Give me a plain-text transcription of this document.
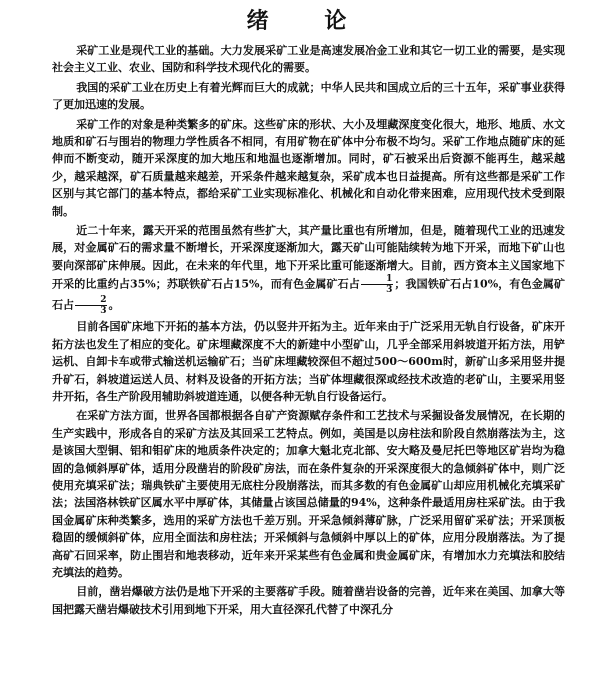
绪 论

采矿工业是现代工业的基础。大力发展采矿工业是高速发展冶金工业和其它一切工业的需要，是实现社会主义工业、农业、国防和科学技术现代化的需要。

我国的采矿工业在历史上有着光辉而巨大的成就；中华人民共和国成立后的三十五年，采矿事业获得了更加迅速的发展。

采矿工作的对象是种类繁多的矿床。这些矿床的形状、大小及埋藏深度变化很大，地形、地质、水文地质和矿石与围岩的物理力学性质各不相同，有用矿物在矿体中分布极不均匀。采矿工作地点随矿床的延伸而不断变动，随开采深度的加大地压和地温也逐渐增加。同时，矿石被采出后资源不能再生，越采越少，越采越深，矿石质量越来越差，开采条件越来越复杂，采矿成本也日益提高。所有这些都是采矿工作区别与其它部门的基本特点，都给采矿工业实现标准化、机械化和自动化带来困难，应用现代技术受到限制。

近二十年来，露天开采的范围虽然有些扩大，其产量比重也有所增加，但是，随着现代工业的迅速发展，对金属矿石的需求量不断增长，开采深度逐渐加大，露天矿山可能陆续转为地下开采，而地下矿山也要向深部矿床伸展。因此，在未来的年代里，地下开采比重可能逐渐增大。目前，西方资本主义国家地下开采的比重约占35%；苏联铁矿石占15%，而有色金属矿石占 $\frac{1}{3}$ ；我国铁矿石占10%，有色金属矿石占 $\frac{2}{3}$ 。

目前各国矿床地下开拓的基本方法，仍以竖井开拓为主。近年来由于广泛采用无轨自行设备，矿床开拓方法也发生了相应的变化。矿床埋藏深度不大的新建中小型矿山，几乎全部采用斜坡道开拓方法，用铲运机、自卸卡车或带式输送机运输矿石；当矿床埋藏较深但不超过500～600m时，新矿山多采用竖井提升矿石，斜坡道运送人员、材料及设备的开拓方法；当矿体埋藏很深或经技术改造的老矿山，主要采用竖井开拓，各生产阶段用辅助斜坡道连通，以便各种无轨自行设备运行。

在采矿方法方面，世界各国都根据各自矿产资源赋存条件和工艺技术与采掘设备发展情况，在长期的生产实践中，形成各自的采矿方法及其回采工艺特点。例如，美国是以房柱法和阶段自然崩落法为主，这是该国大型铜、铝和钼矿床的地质条件决定的；加拿大魁北克北部、安大略及曼尼托巴等地区矿岩均为稳固的急倾斜厚矿体，适用分段凿岩的阶段矿房法，而在条件复杂的开采深度很大的急倾斜矿体中，则广泛使用充填采矿法；瑞典铁矿主要使用无底柱分段崩落法，而其多数的有色金属矿山却应用机械化充填采矿法；法国洛林铁矿区属水平中厚矿体，其储量占该国总储量的94%，这种条件最适用房柱采矿法。由于我国金属矿床种类繁多，选用的采矿方法也千差万别。开采急倾斜薄矿脉，广泛采用留矿采矿法；开采顶板稳固的缓倾斜矿体，应用全面法和房柱法；开采倾斜与急倾斜中厚以上的矿体，应用分段崩落法。为了提高矿石回采率，防止围岩和地表移动，近年来开采某些有色金属和贵金属矿床，有增加水力充填法和胶结充填法的趋势。

目前，凿岩爆破方法仍是地下开采的主要落矿手段。随着凿岩设备的完善，近年来在美国、加拿大等国把露天凿岩爆破技术引用到地下开采，用大直径深孔代替了中深孔分
